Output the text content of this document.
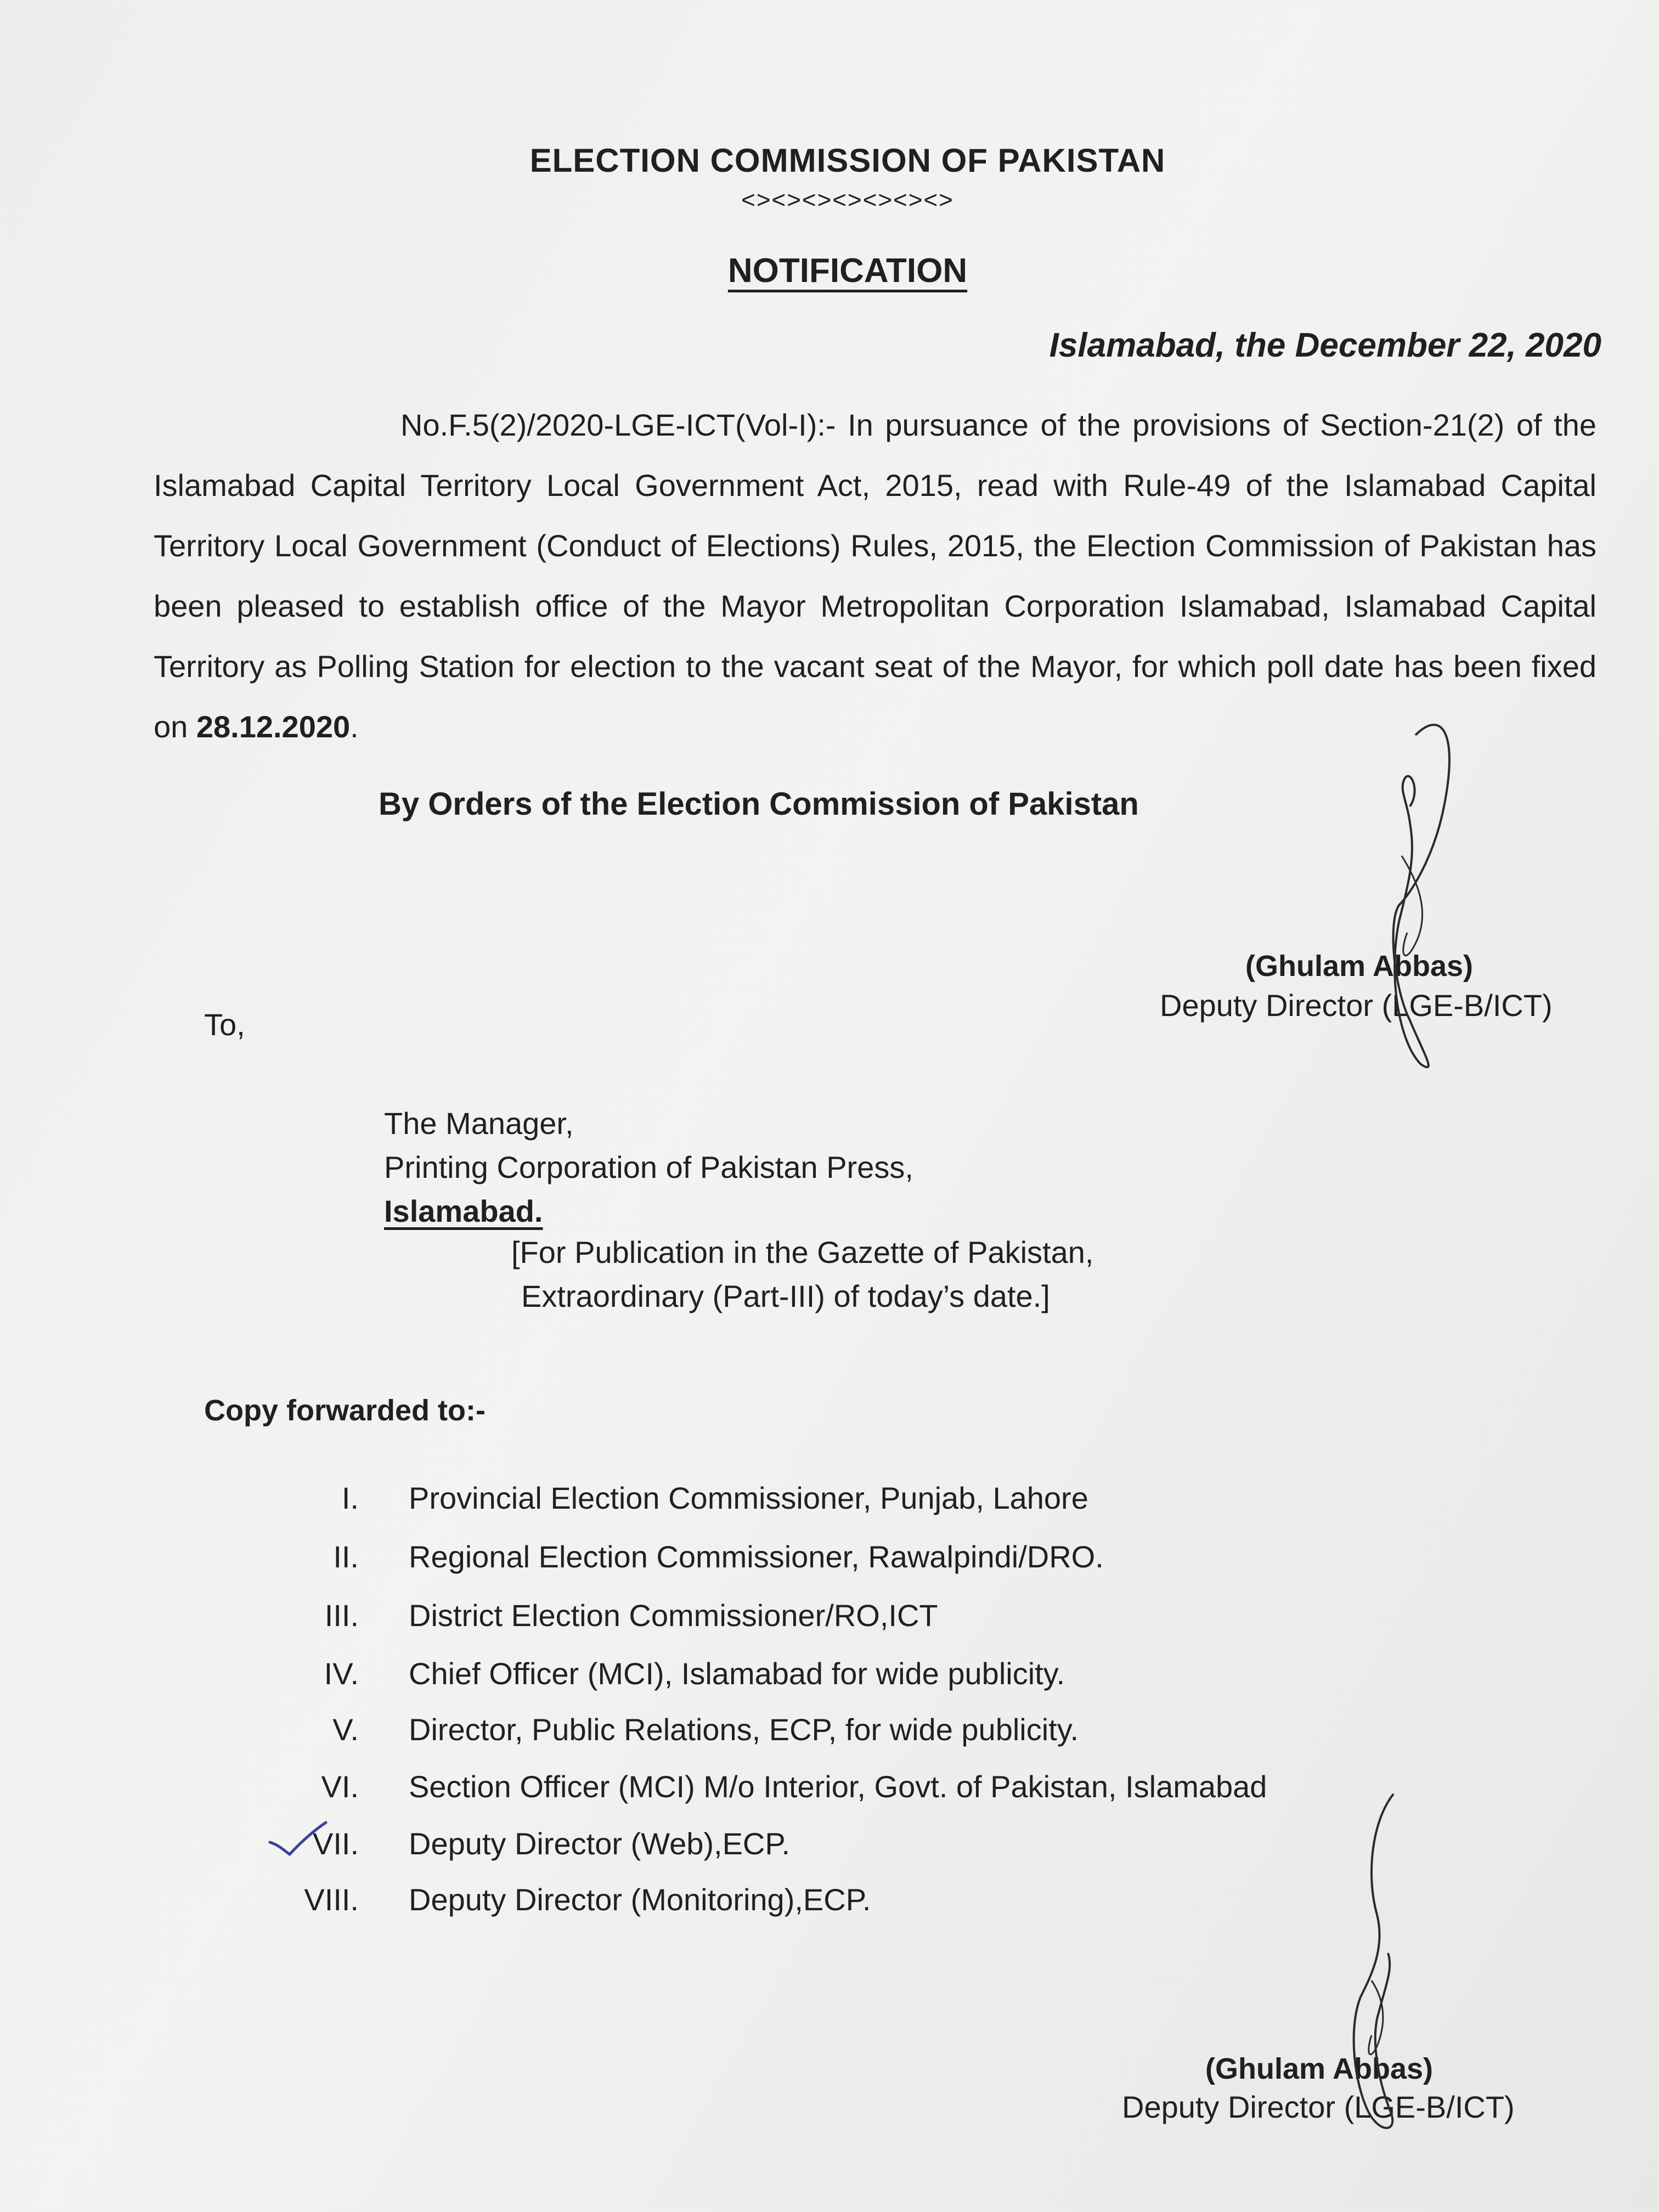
ELECTION COMMISSION OF PAKISTAN
<><><><><><><>
NOTIFICATION
Islamabad, the December 22, 2020
No.F.5(2)/2020-LGE-ICT(Vol-I):- In pursuance of the provisions of Section-21(2) of the Islamabad Capital Territory Local Government Act, 2015, read with Rule-49 of the Islamabad Capital Territory Local Government (Conduct of Elections) Rules, 2015, the Election Commission of Pakistan has been pleased to establish office of the Mayor Metropolitan Corporation Islamabad, Islamabad Capital Territory as Polling Station for election to the vacant seat of the Mayor, for which poll date has been fixed on 28.12.2020.
By Orders of the Election Commission of Pakistan
(Ghulam Abbas)
Deputy Director (LGE-B/ICT)
To,
The Manager,
Printing Corporation of Pakistan Press,
Islamabad.
[For Publication in the Gazette of Pakistan,
Extraordinary (Part-III) of today’s date.]
Copy forwarded to:-
I. Provincial Election Commissioner, Punjab, Lahore
II. Regional Election Commissioner, Rawalpindi/DRO.
III. District Election Commissioner/RO,ICT
IV. Chief Officer (MCI), Islamabad for wide publicity.
V. Director, Public Relations, ECP, for wide publicity.
VI. Section Officer (MCI) M/o Interior, Govt. of Pakistan, Islamabad
VII. Deputy Director (Web),ECP.
VIII. Deputy Director (Monitoring),ECP.
(Ghulam Abbas)
Deputy Director (LGE-B/ICT)
